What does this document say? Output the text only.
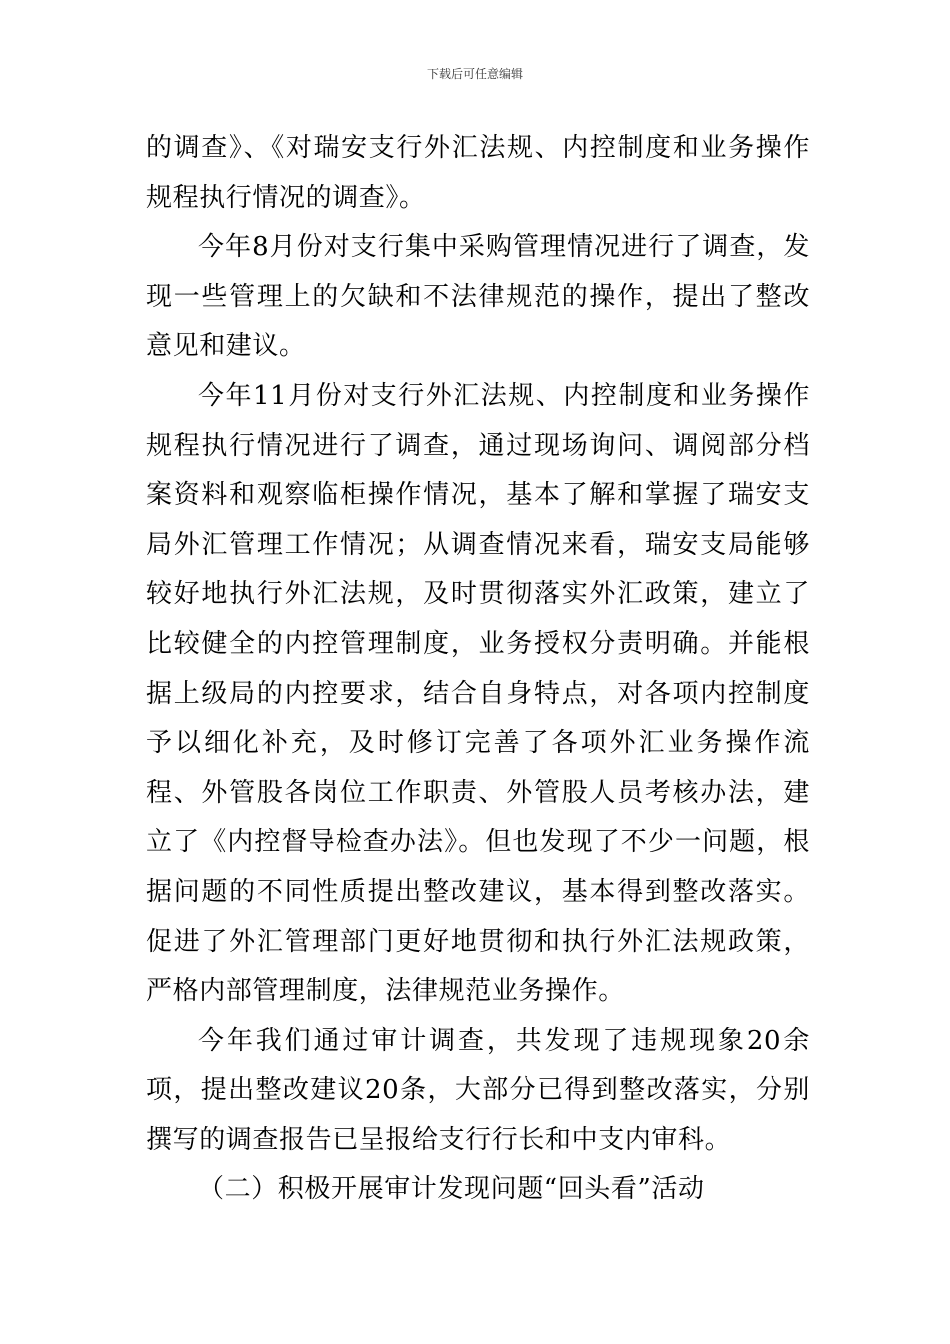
下载后可任意编辑

的调查》、《对瑞安支行外汇法规、内控制度和业务操作规程执行情况的调查》。

今年8月份对支行集中采购管理情况进行了调查，发现一些管理上的欠缺和不法律规范的操作，提出了整改意见和建议。

今年11月份对支行外汇法规、内控制度和业务操作规程执行情况进行了调查，通过现场询问、调阅部分档案资料和观察临柜操作情况，基本了解和掌握了瑞安支局外汇管理工作情况；从调查情况来看，瑞安支局能够较好地执行外汇法规，及时贯彻落实外汇政策，建立了比较健全的内控管理制度，业务授权分责明确。并能根据上级局的内控要求，结合自身特点，对各项内控制度予以细化补充，及时修订完善了各项外汇业务操作流程、外管股各岗位工作职责、外管股人员考核办法，建立了《内控督导检查办法》。但也发现了不少一问题，根据问题的不同性质提出整改建议，基本得到整改落实。促进了外汇管理部门更好地贯彻和执行外汇法规政策，严格内部管理制度，法律规范业务操作。

今年我们通过审计调查，共发现了违规现象20余项，提出整改建议20条，大部分已得到整改落实，分别撰写的调查报告已呈报给支行行长和中支内审科。

（二）积极开展审计发现问题“回头看”活动
